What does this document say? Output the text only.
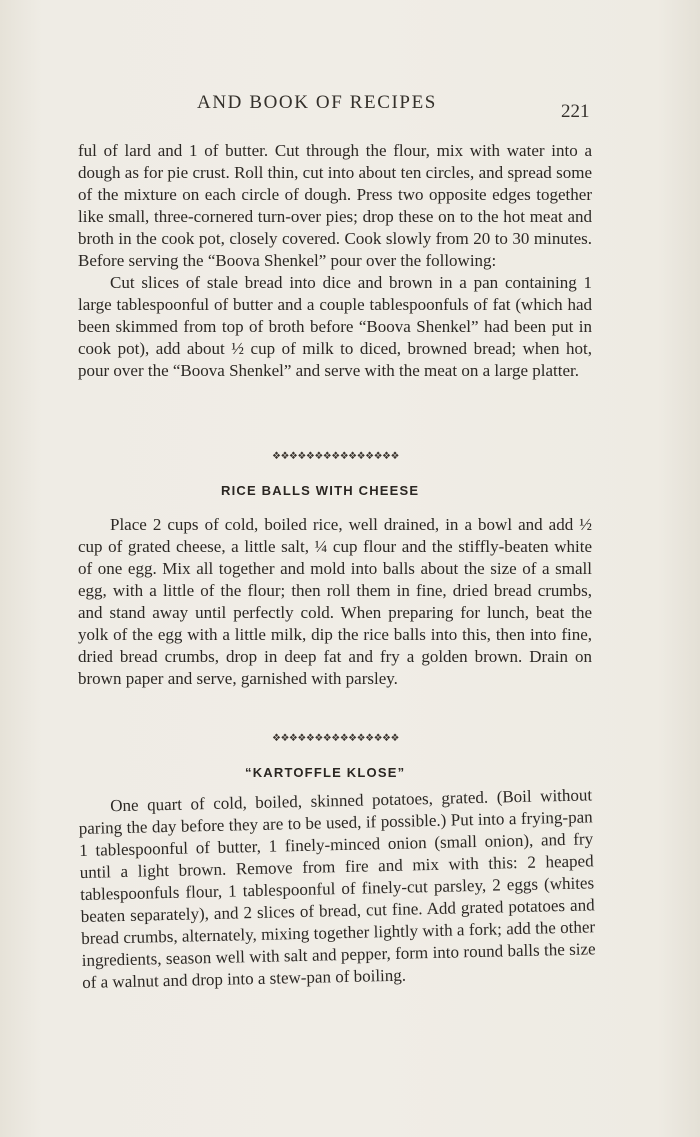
AND BOOK OF RECIPES	221

ful of lard and 1 of butter. Cut through the flour, mix with water into a dough as for pie crust. Roll thin, cut into about ten circles, and spread some of the mixture on each circle of dough. Press two opposite edges together like small, three-cornered turn-over pies; drop these on to the hot meat and broth in the cook pot, closely covered. Cook slowly from 20 to 30 minutes. Before serving the “Boova Shenkel” pour over the following:

Cut slices of stale bread into dice and brown in a pan containing 1 large tablespoonful of butter and a couple tablespoonfuls of fat (which had been skimmed from top of broth before “Boova Shenkel” had been put in cook pot), add about ½ cup of milk to diced, browned bread; when hot, pour over the “Boova Shenkel” and serve with the meat on a large platter.

❖❖❖❖❖❖❖❖❖❖❖❖❖❖❖
RICE BALLS WITH CHEESE

Place 2 cups of cold, boiled rice, well drained, in a bowl and add ½ cup of grated cheese, a little salt, ¼ cup flour and the stiffly-beaten white of one egg. Mix all together and mold into balls about the size of a small egg, with a little of the flour; then roll them in fine, dried bread crumbs, and stand away until perfectly cold. When preparing for lunch, beat the yolk of the egg with a little milk, dip the rice balls into this, then into fine, dried bread crumbs, drop in deep fat and fry a golden brown. Drain on brown paper and serve, garnished with parsley.

❖❖❖❖❖❖❖❖❖❖❖❖❖❖❖
“KARTOFFLE KLOSE”

One quart of cold, boiled, skinned potatoes, grated. (Boil without paring the day before they are to be used, if possible.) Put into a frying-pan 1 tablespoonful of butter, 1 finely-minced onion (small onion), and fry until a light brown. Remove from fire and mix with this: 2 heaped tablespoonfuls flour, 1 tablespoonful of finely-cut parsley, 2 eggs (whites beaten separately), and 2 slices of bread, cut fine. Add grated potatoes and bread crumbs, alternately, mixing together lightly with a fork; add the other ingredients, season well with salt and pepper, form into round balls the size of a walnut and drop into a stew-pan of boiling.
